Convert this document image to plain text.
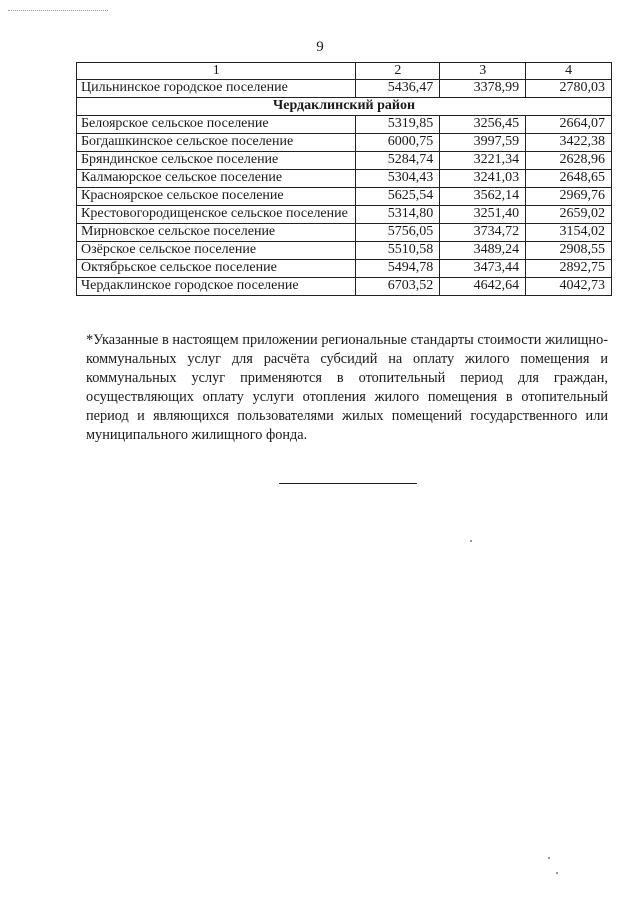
9
1	2	3	4
Цильнинское городское поселение	5436,47	3378,99	2780,03
Чердаклинский район			
Белоярское сельское поселение	5319,85	3256,45	2664,07
Богдашкинское сельское поселение	6000,75	3997,59	3422,38
Бряндинское сельское поселение	5284,74	3221,34	2628,96
Калмаюрское сельское поселение	5304,43	3241,03	2648,65
Красноярское сельское поселение	5625,54	3562,14	2969,76
Крестовогородищенское сельское поселение	5314,80	3251,40	2659,02
Мирновское сельское поселение	5756,05	3734,72	3154,02
Озёрское сельское поселение	5510,58	3489,24	2908,55
Октябрьское сельское поселение	5494,78	3473,44	2892,75
Чердаклинское городское поселение	6703,52	4642,64	4042,73
*Указанные в настоящем приложении региональные стандарты стоимости жилищно-коммунальных услуг для расчёта субсидий на оплату жилого помещения и коммунальных услуг применяются в отопительный период для граждан, осуществляющих оплату услуги отопления жилого помещения в отопительный период и являющихся пользователями жилых помещений государственного или муниципального жилищного фонда.
